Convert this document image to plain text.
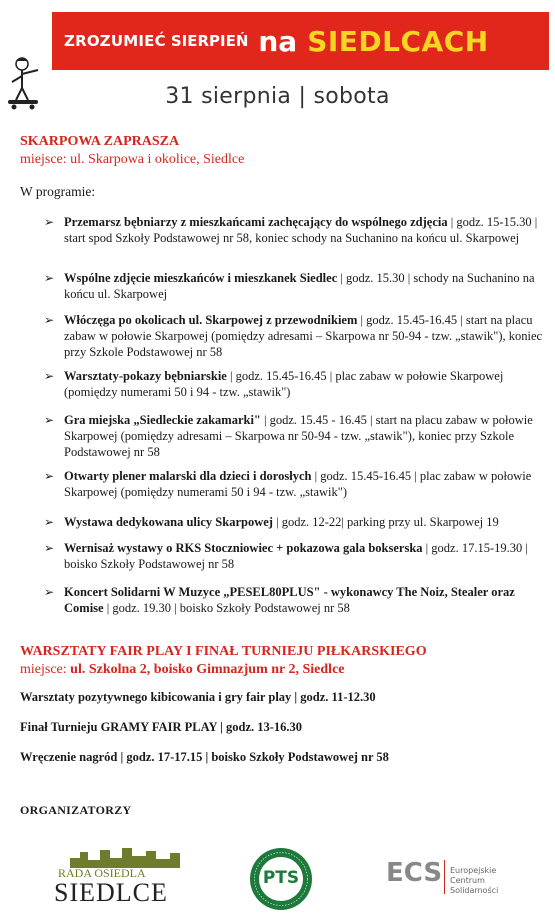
ZROZUMIEĆ SIERPIEŃ na SIEDLCACH
31 sierpnia | sobota
SKARPOWA ZAPRASZA
miejsce: ul. Skarpowa i okolice, Siedlce
W programie:
➢ Przemarsz bębniarzy z mieszkańcami zachęcający do wspólnego zdjęcia | godz. 15-15.30 | start spod Szkoły Podstawowej nr 58, koniec schody na Suchanino na końcu ul. Skarpowej
➢ Wspólne zdjęcie mieszkańców i mieszkanek Siedlec | godz. 15.30 | schody na Suchanino na końcu ul. Skarpowej
➢ Włóczęga po okolicach ul. Skarpowej z przewodnikiem | godz. 15.45-16.45 | start na placu zabaw w połowie Skarpowej (pomiędzy adresami – Skarpowa nr 50-94 - tzw. „stawik"), koniec przy Szkole Podstawowej nr 58
➢ Warsztaty-pokazy bębniarskie | godz. 15.45-16.45 | plac zabaw w połowie Skarpowej (pomiędzy numerami 50 i 94 - tzw. „stawik")
➢ Gra miejska „Siedleckie zakamarki" | godz. 15.45 - 16.45 | start na placu zabaw w połowie Skarpowej (pomiędzy adresami – Skarpowa nr 50-94 - tzw. „stawik"), koniec przy Szkole Podstawowej nr 58
➢ Otwarty plener malarski dla dzieci i dorosłych | godz. 15.45-16.45 | plac zabaw w połowie Skarpowej (pomiędzy numerami 50 i 94 - tzw. „stawik")
➢ Wystawa dedykowana ulicy Skarpowej | godz. 12-22| parking przy ul. Skarpowej 19
➢ Wernisaż wystawy o RKS Stoczniowiec + pokazowa gala bokserska | godz. 17.15-19.30 | boisko Szkoły Podstawowej nr 58
➢ Koncert Solidarni W Muzyce „PESEL80PLUS" - wykonawcy The Noiz, Stealer oraz Comise | godz. 19.30 | boisko Szkoły Podstawowej nr 58
WARSZTATY FAIR PLAY I FINAŁ TURNIEJU PIŁKARSKIEGO
miejsce: ul. Szkolna 2, boisko Gimnazjum nr 2, Siedlce
Warsztaty pozytywnego kibicowania i gry fair play | godz. 11-12.30
Finał Turnieju GRAMY FAIR PLAY | godz. 13-16.30
Wręczenie nagród | godz. 17-17.15 | boisko Szkoły Podstawowej nr 58
ORGANIZATORZY
RADA OSIEDLA
SIEDLCE	PTS	ECS Europejskie
Centrum
Solidarności
